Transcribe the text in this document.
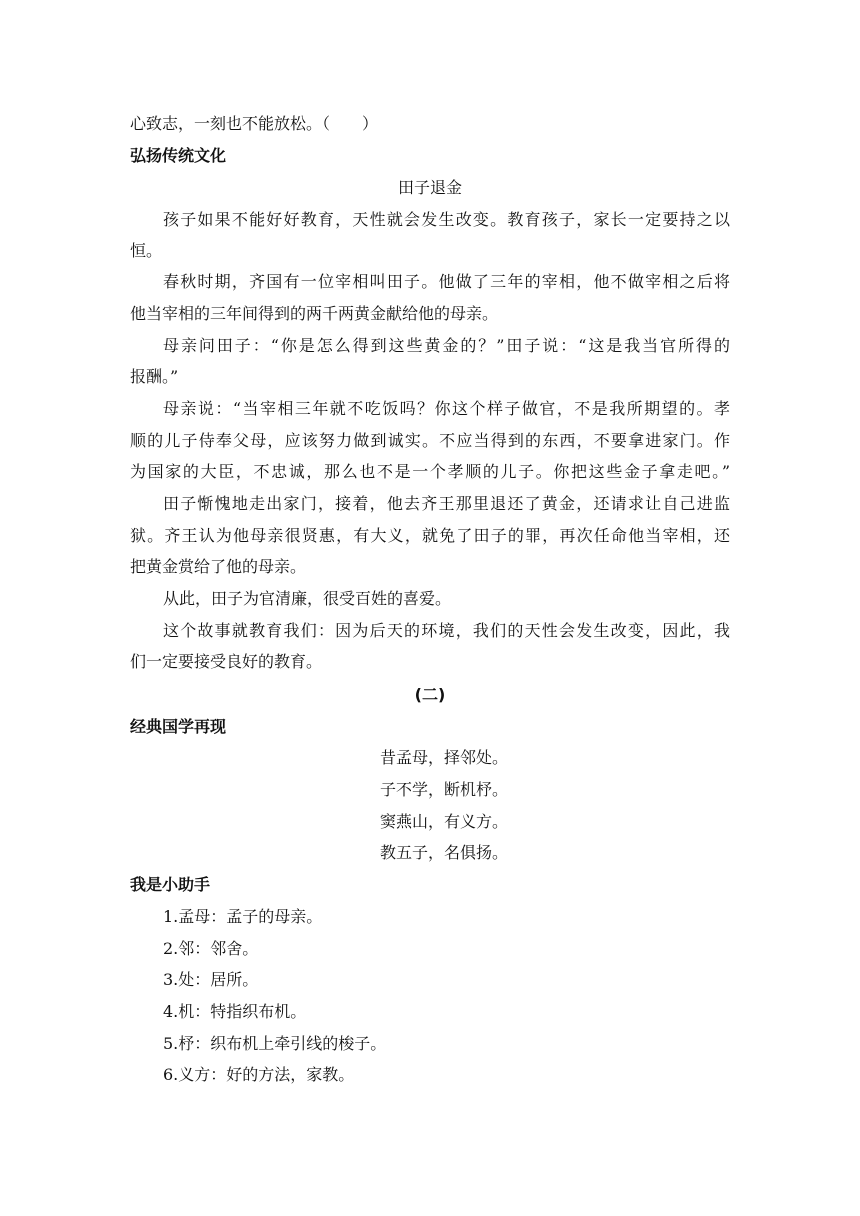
心致志，一刻也不能放松。（　　）
弘扬传统文化
田子退金
孩子如果不能好好教育，天性就会发生改变。教育孩子，家长一定要持之以
恒。
春秋时期，齐国有一位宰相叫田子。他做了三年的宰相，他不做宰相之后将
他当宰相的三年间得到的两千两黄金献给他的母亲。
母亲问田子：“你是怎么得到这些黄金的？”田子说：“这是我当官所得的
报酬。”
母亲说：“当宰相三年就不吃饭吗？你这个样子做官，不是我所期望的。孝
顺的儿子侍奉父母，应该努力做到诚实。不应当得到的东西，不要拿进家门。作
为国家的大臣，不忠诚，那么也不是一个孝顺的儿子。你把这些金子拿走吧。”
田子惭愧地走出家门，接着，他去齐王那里退还了黄金，还请求让自己进监
狱。齐王认为他母亲很贤惠，有大义，就免了田子的罪，再次任命他当宰相，还
把黄金赏给了他的母亲。
从此，田子为官清廉，很受百姓的喜爱。
这个故事就教育我们：因为后天的环境，我们的天性会发生改变，因此，我
们一定要接受良好的教育。
(二)
经典国学再现
昔孟母，择邻处。
子不学，断机杼。
窦燕山，有义方。
教五子，名俱扬。
我是小助手
1.孟母：孟子的母亲。
2.邻：邻舍。
3.处：居所。
4.机：特指织布机。
5.杼：织布机上牵引线的梭子。
6.义方：好的方法，家教。
